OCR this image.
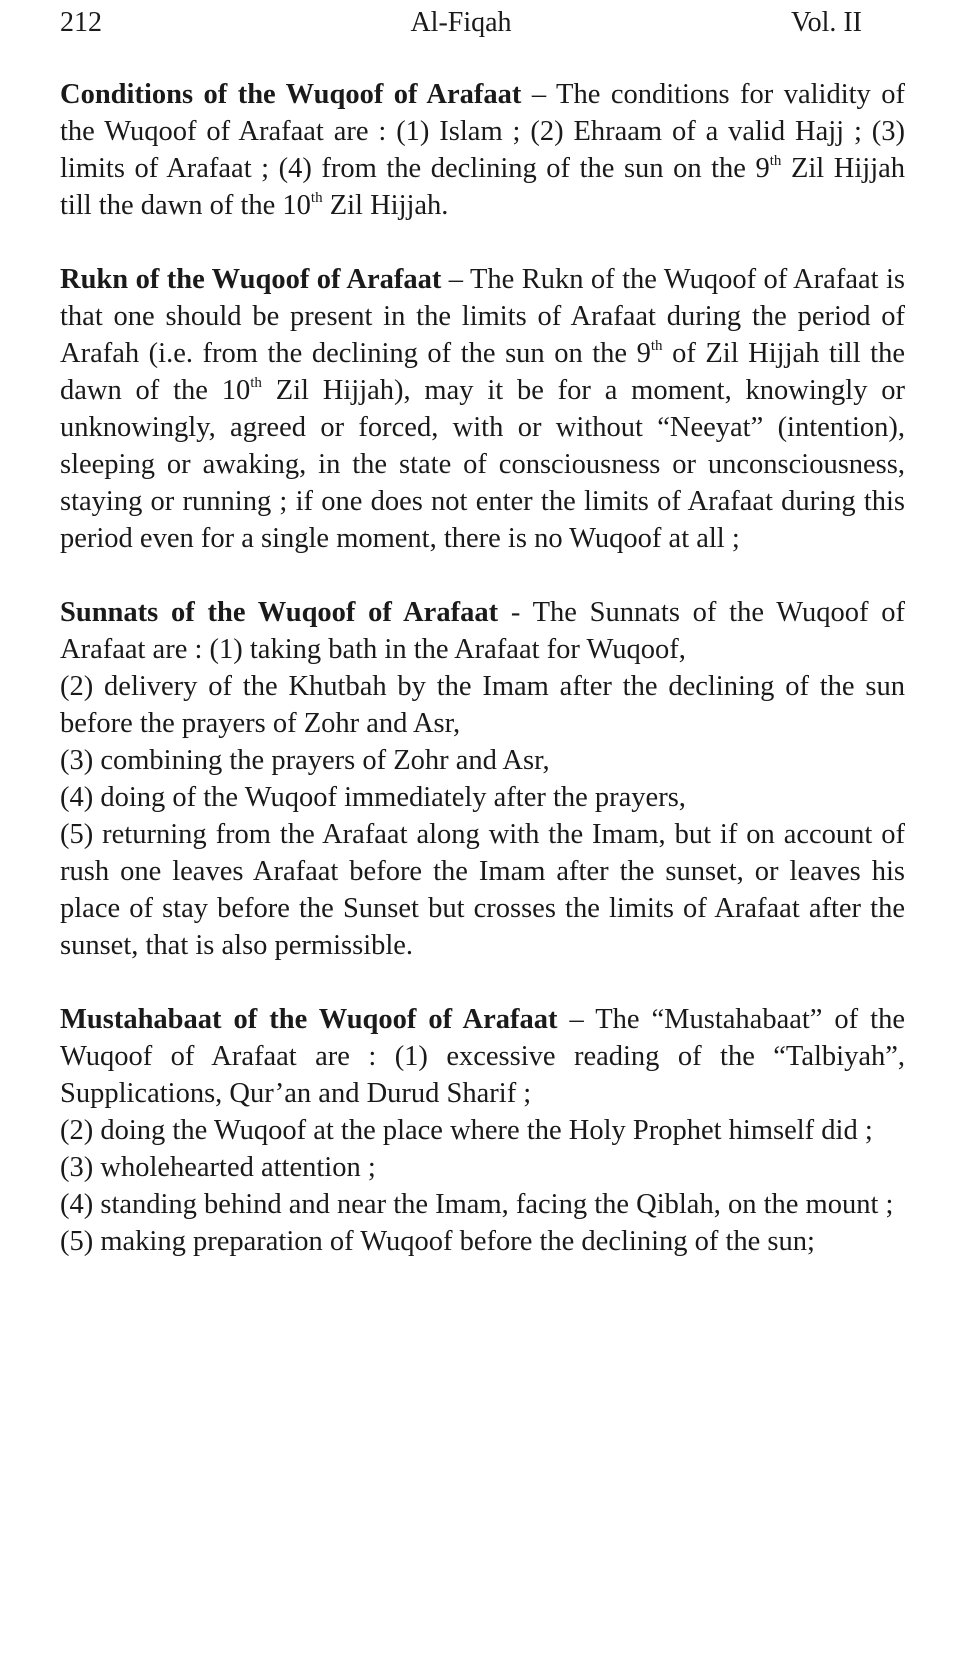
Al-Fiqah
212	Vol. II

Conditions of the Wuqoof of Arafaat – The conditions for validity of the Wuqoof of Arafaat are : (1) Islam ; (2) Ehraam of a valid Hajj ; (3) limits of Arafaat ; (4) from the declining of the sun on the 9th Zil Hijjah till the dawn of the 10th Zil Hijjah.

Rukn of the Wuqoof of Arafaat – The Rukn of the Wuqoof of Arafaat is that one should be present in the limits of Arafaat during the period of Arafah (i.e. from the declining of the sun on the 9th of Zil Hijjah till the dawn of the 10th Zil Hijjah), may it be for a moment, knowingly or unknowingly, agreed or forced, with or without “Neeyat” (intention), sleeping or awaking, in the state of consciousness or unconsciousness, staying or running ; if one does not enter the limits of Arafaat during this period even for a single moment, there is no Wuqoof at all ;

Sunnats of the Wuqoof of Arafaat - The Sunnats of the Wuqoof of Arafaat are : (1) taking bath in the Arafaat for Wuqoof,

(2) delivery of the Khutbah by the Imam after the declining of the sun before the prayers of Zohr and Asr,

(3) combining the prayers of Zohr and Asr,

(4) doing of the Wuqoof immediately after the prayers,

(5) returning from the Arafaat along with the Imam, but if on account of rush one leaves Arafaat before the Imam after the sunset, or leaves his place of stay before the Sunset but crosses the limits of Arafaat after the sunset, that is also permissible.

Mustahabaat of the Wuqoof of Arafaat – The “Mustahabaat” of the Wuqoof of Arafaat are : (1) excessive reading of the “Talbiyah”, Supplications, Qur’an and Durud Sharif ;

(2) doing the Wuqoof at the place where the Holy Prophet himself did ;

(3) wholehearted attention ;

(4) standing behind and near the Imam, facing the Qiblah, on the mount ;

(5) making preparation of Wuqoof before the declining of the sun;
